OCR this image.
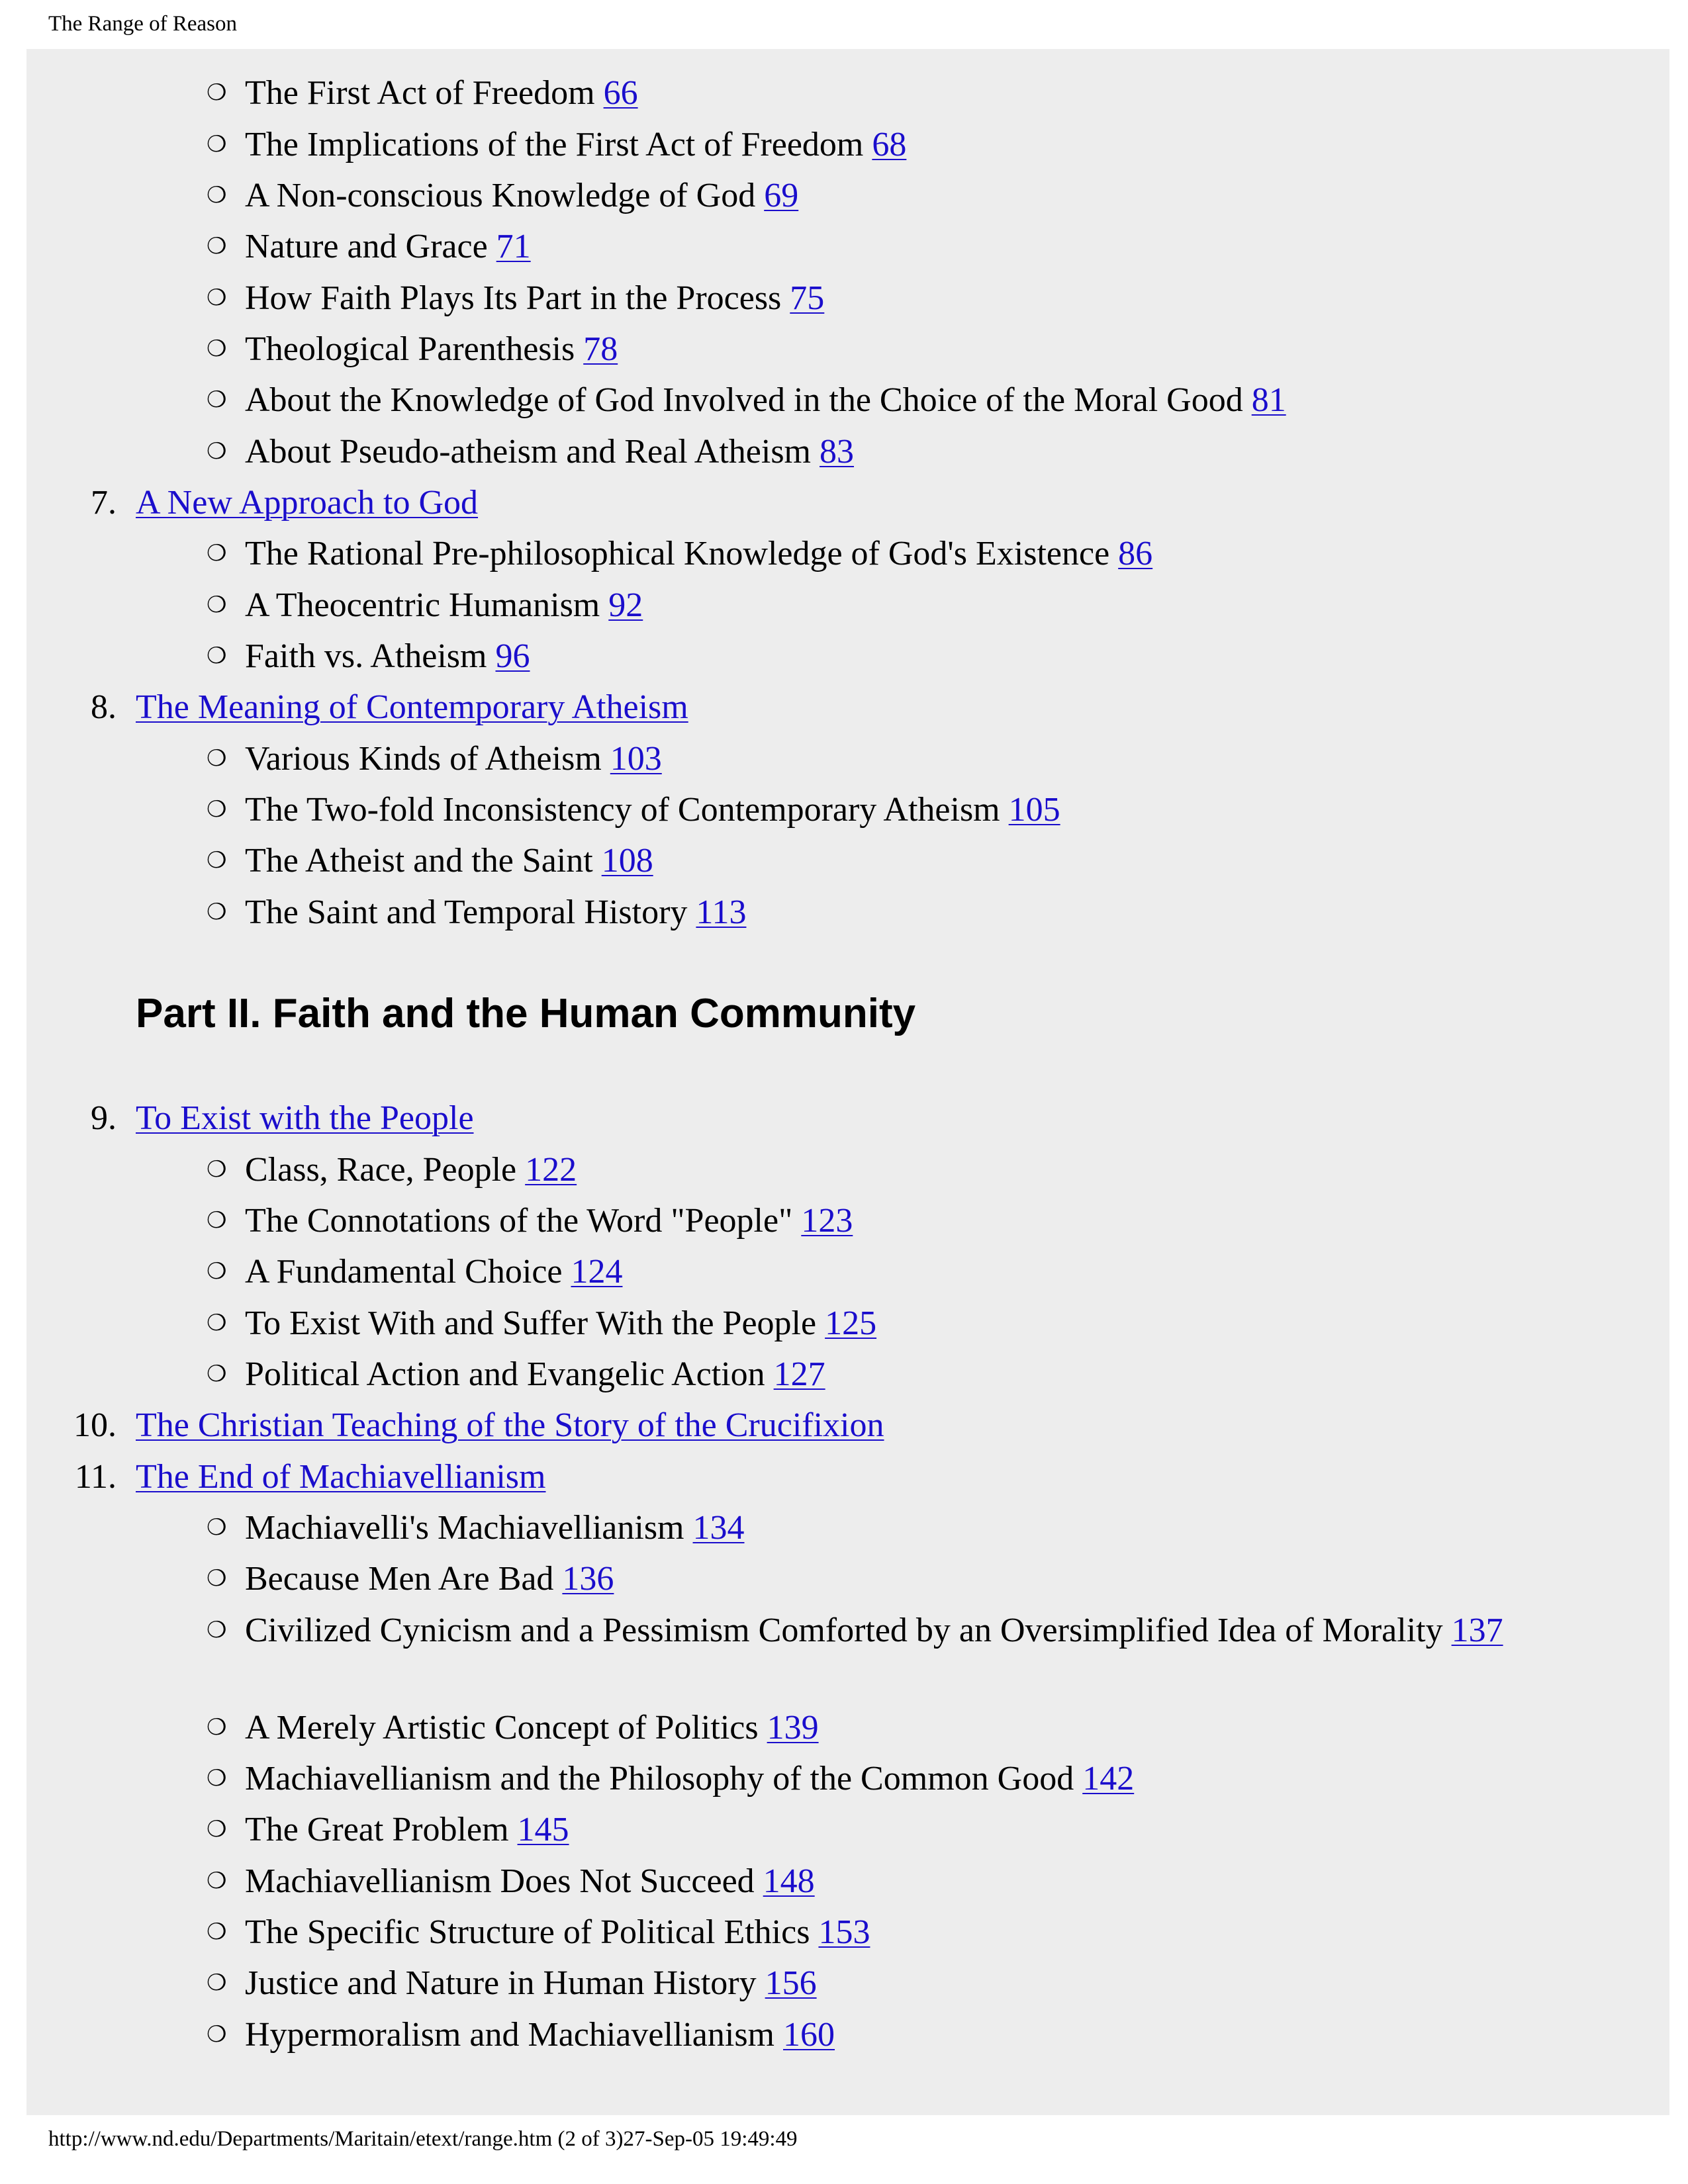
The Range of Reason
❍ The First Act of Freedom 66
❍ The Implications of the First Act of Freedom 68
❍ A Non-conscious Knowledge of God 69
❍ Nature and Grace 71
❍ How Faith Plays Its Part in the Process 75
❍ Theological Parenthesis 78
❍ About the Knowledge of God Involved in the Choice of the Moral Good 81
❍ About Pseudo-atheism and Real Atheism 83
7. A New Approach to God
❍ The Rational Pre-philosophical Knowledge of God's Existence 86
❍ A Theocentric Humanism 92
❍ Faith vs. Atheism 96
8. The Meaning of Contemporary Atheism
❍ Various Kinds of Atheism 103
❍ The Two-fold Inconsistency of Contemporary Atheism 105
❍ The Atheist and the Saint 108
❍ The Saint and Temporal History 113
Part II. Faith and the Human Community
9. To Exist with the People
❍ Class, Race, People 122
❍ The Connotations of the Word "People" 123
❍ A Fundamental Choice 124
❍ To Exist With and Suffer With the People 125
❍ Political Action and Evangelic Action 127
10. The Christian Teaching of the Story of the Crucifixion
11. The End of Machiavellianism
❍ Machiavelli's Machiavellianism 134
❍ Because Men Are Bad 136
❍ Civilized Cynicism and a Pessimism Comforted by an Oversimplified Idea of Morality 137
❍ A Merely Artistic Concept of Politics 139
❍ Machiavellianism and the Philosophy of the Common Good 142
❍ The Great Problem 145
❍ Machiavellianism Does Not Succeed 148
❍ The Specific Structure of Political Ethics 153
❍ Justice and Nature in Human History 156
❍ Hypermoralism and Machiavellianism 160
http://www.nd.edu/Departments/Maritain/etext/range.htm (2 of 3)27-Sep-05 19:49:49
